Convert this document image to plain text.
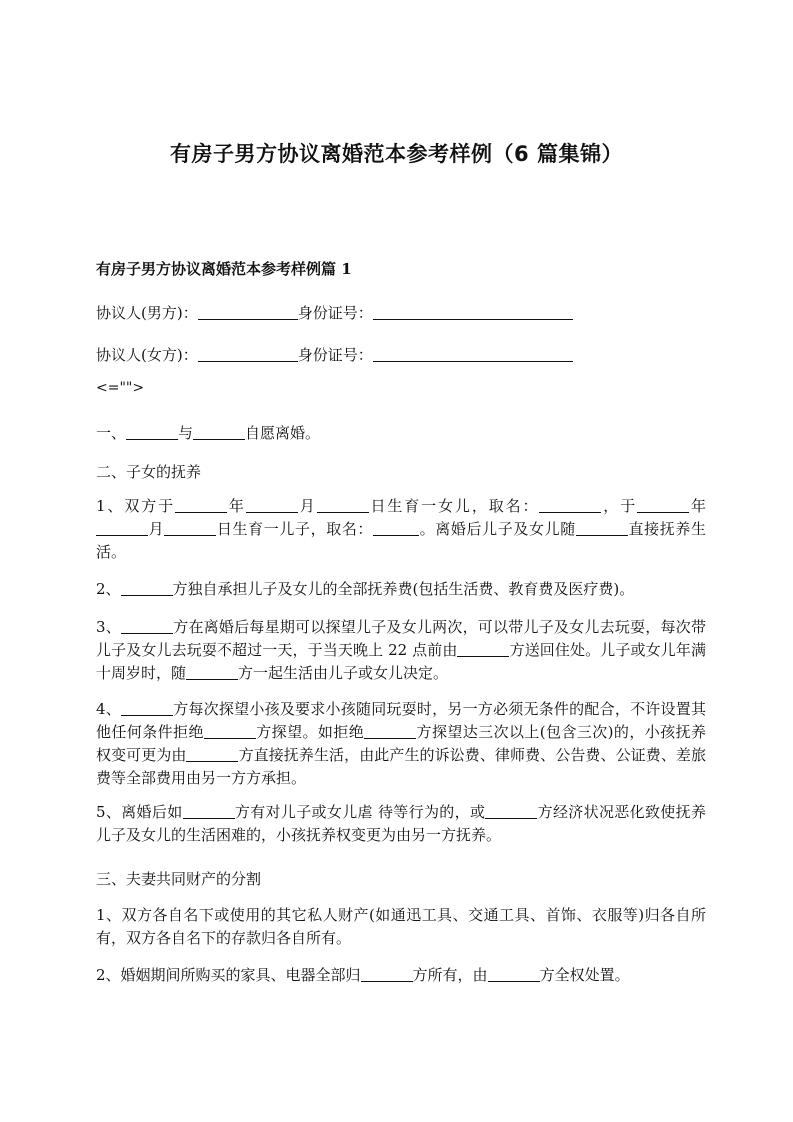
有房子男方协议离婚范本参考样例（6 篇集锦）
有房子男方协议离婚范本参考样例篇 1
协议人(男方)：	身份证号：
协议人(女方)：	身份证号：
<="">
一、	与	自愿离婚。
二、子女的抚养
1、双方于	年	月	日生育一女儿，取名：	，于	年月	日生育一儿子，取名：	。离婚后儿子及女儿随	直接抚养生活。
2、	方独自承担儿子及女儿的全部抚养费(包括生活费、教育费及医疗费)。
3、	方在离婚后每星期可以探望儿子及女儿两次，可以带儿子及女儿去玩耍，每次带儿子及女儿去玩耍不超过一天，于当天晚上 22 点前由	方送回住处。儿子或女儿年满十周岁时，随	方一起生活由儿子或女儿决定。
4、	方每次探望小孩及要求小孩随同玩耍时，另一方必须无条件的配合，不许设置其他任何条件拒绝	方探望。如拒绝	方探望达三次以上(包含三次)的，小孩抚养权变可更为由	方直接抚养生活，由此产生的诉讼费、律师费、公告费、公证费、差旅费等全部费用由另一方方承担。
5、离婚后如	方有对儿子或女儿虐 待等行为的，或	方经济状况恶化致使抚养儿子及女儿的生活困难的，小孩抚养权变更为由另一方抚养。
三、夫妻共同财产的分割
1、双方各自名下或使用的其它私人财产(如通迅工具、交通工具、首饰、衣服等)归各自所有，双方各自名下的存款归各自所有。
2、婚姻期间所购买的家具、电器全部归	方所有，由	方全权处置。
